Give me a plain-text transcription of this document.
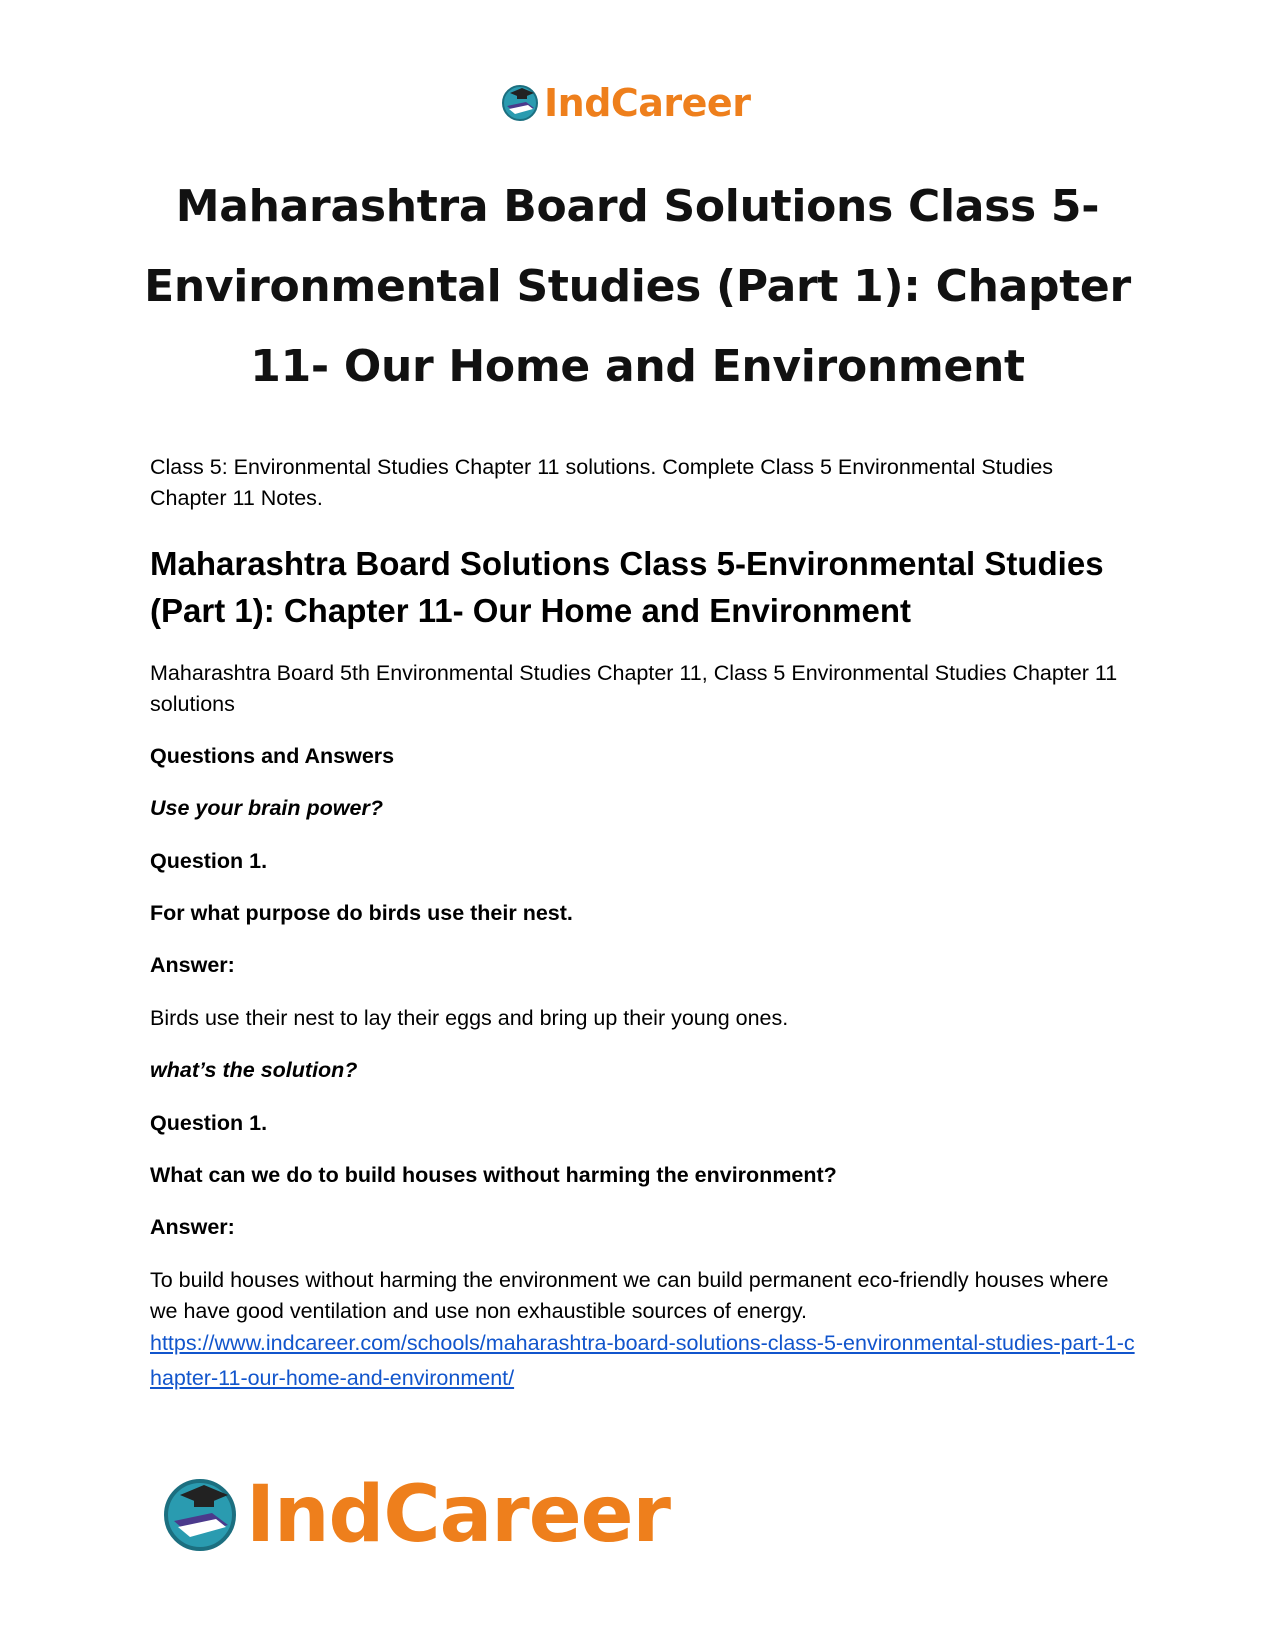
IndCareer
Maharashtra Board Solutions Class 5-Environmental Studies (Part 1): Chapter 11- Our Home and Environment

Class 5: Environmental Studies Chapter 11 solutions. Complete Class 5 Environmental Studies Chapter 11 Notes.

Maharashtra Board Solutions Class 5-Environmental Studies (Part 1): Chapter 11- Our Home and Environment

Maharashtra Board 5th Environmental Studies Chapter 11, Class 5 Environmental Studies Chapter 11 solutions

Questions and Answers

Use your brain power?

Question 1.

For what purpose do birds use their nest.

Answer:

Birds use their nest to lay their eggs and bring up their young ones.

what’s the solution?

Question 1.

What can we do to build houses without harming the environment?

Answer:

To build houses without harming the environment we can build permanent eco-friendly houses where we have good ventilation and use non exhaustible sources of energy.

https://www.indcareer.com/schools/maharashtra-board-solutions-class-5-environmental-studies-part-1-chapter-11-our-home-and-environment/
IndCareer
